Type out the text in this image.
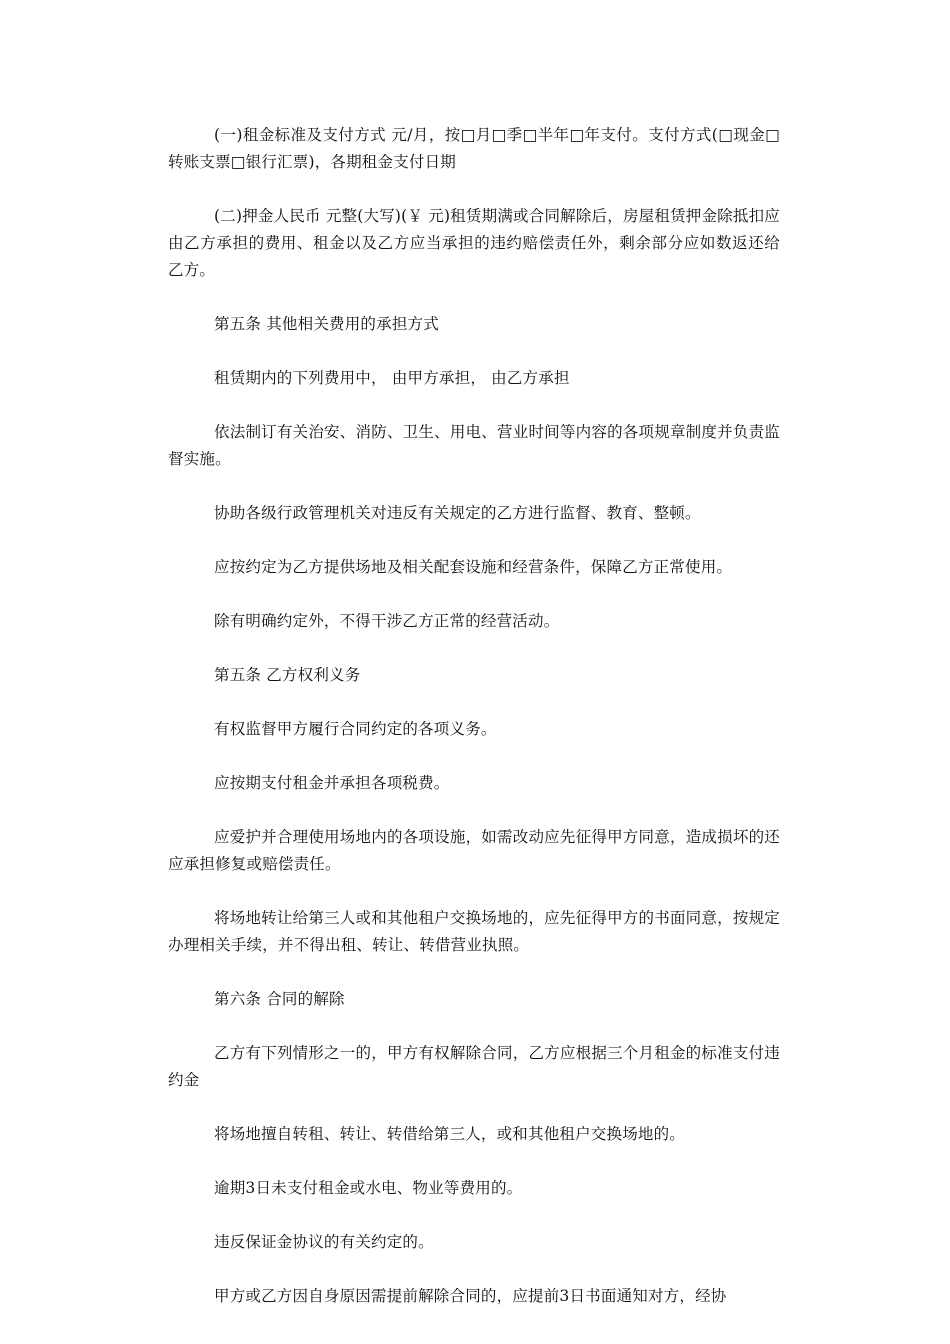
(一)租金标准及支付方式 元/月，按□月□季□半年□年支付。支付方式(□现金□转账支票□银行汇票)，各期租金支付日期

(二)押金人民币 元整(大写)(￥ 元)租赁期满或合同解除后，房屋租赁押金除抵扣应由乙方承担的费用、租金以及乙方应当承担的违约赔偿责任外，剩余部分应如数返还给乙方。

第五条 其他相关费用的承担方式

租赁期内的下列费用中， 由甲方承担， 由乙方承担

依法制订有关治安、消防、卫生、用电、营业时间等内容的各项规章制度并负责监督实施。

协助各级行政管理机关对违反有关规定的乙方进行监督、教育、整顿。

应按约定为乙方提供场地及相关配套设施和经营条件，保障乙方正常使用。

除有明确约定外，不得干涉乙方正常的经营活动。

第五条 乙方权利义务

有权监督甲方履行合同约定的各项义务。

应按期支付租金并承担各项税费。

应爱护并合理使用场地内的各项设施，如需改动应先征得甲方同意，造成损坏的还应承担修复或赔偿责任。

将场地转让给第三人或和其他租户交换场地的，应先征得甲方的书面同意，按规定办理相关手续，并不得出租、转让、转借营业执照。

第六条 合同的解除

乙方有下列情形之一的，甲方有权解除合同，乙方应根据三个月租金的标准支付违约金

将场地擅自转租、转让、转借给第三人，或和其他租户交换场地的。

逾期3日未支付租金或水电、物业等费用的。

违反保证金协议的有关约定的。

甲方或乙方因自身原因需提前解除合同的，应提前3日书面通知对方，经协
